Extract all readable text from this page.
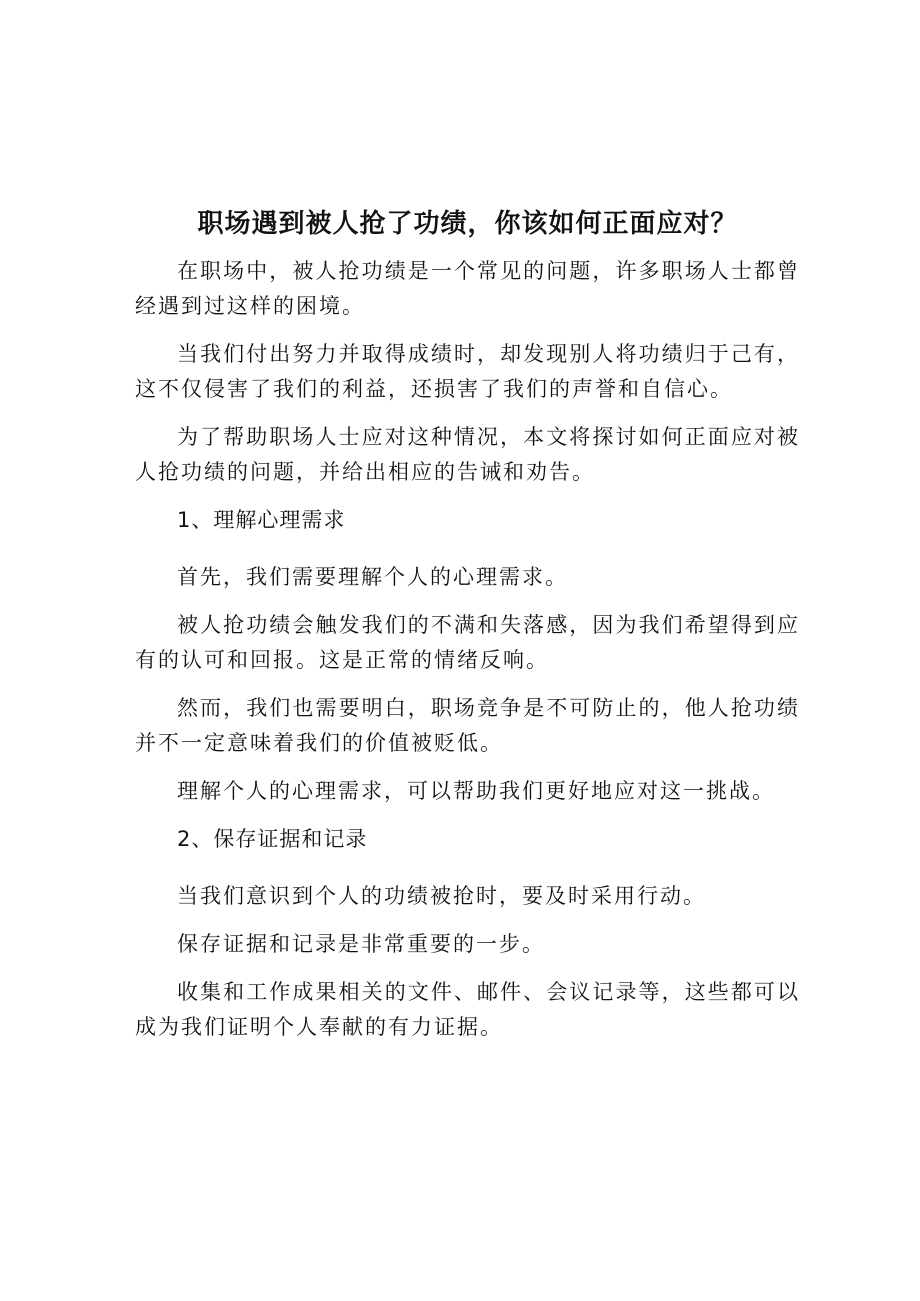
职场遇到被人抢了功绩，你该如何正面应对？

在职场中，被人抢功绩是一个常见的问题，许多职场人士都曾经遇到过这样的困境。

当我们付出努力并取得成绩时，却发现别人将功绩归于己有，这不仅侵害了我们的利益，还损害了我们的声誉和自信心。

为了帮助职场人士应对这种情况，本文将探讨如何正面应对被人抢功绩的问题，并给出相应的告诫和劝告。

1、理解心理需求

首先，我们需要理解个人的心理需求。

被人抢功绩会触发我们的不满和失落感，因为我们希望得到应有的认可和回报。这是正常的情绪反响。

然而，我们也需要明白，职场竞争是不可防止的，他人抢功绩并不一定意味着我们的价值被贬低。

理解个人的心理需求，可以帮助我们更好地应对这一挑战。

2、保存证据和记录

当我们意识到个人的功绩被抢时，要及时采用行动。

保存证据和记录是非常重要的一步。

收集和工作成果相关的文件、邮件、会议记录等，这些都可以成为我们证明个人奉献的有力证据。
